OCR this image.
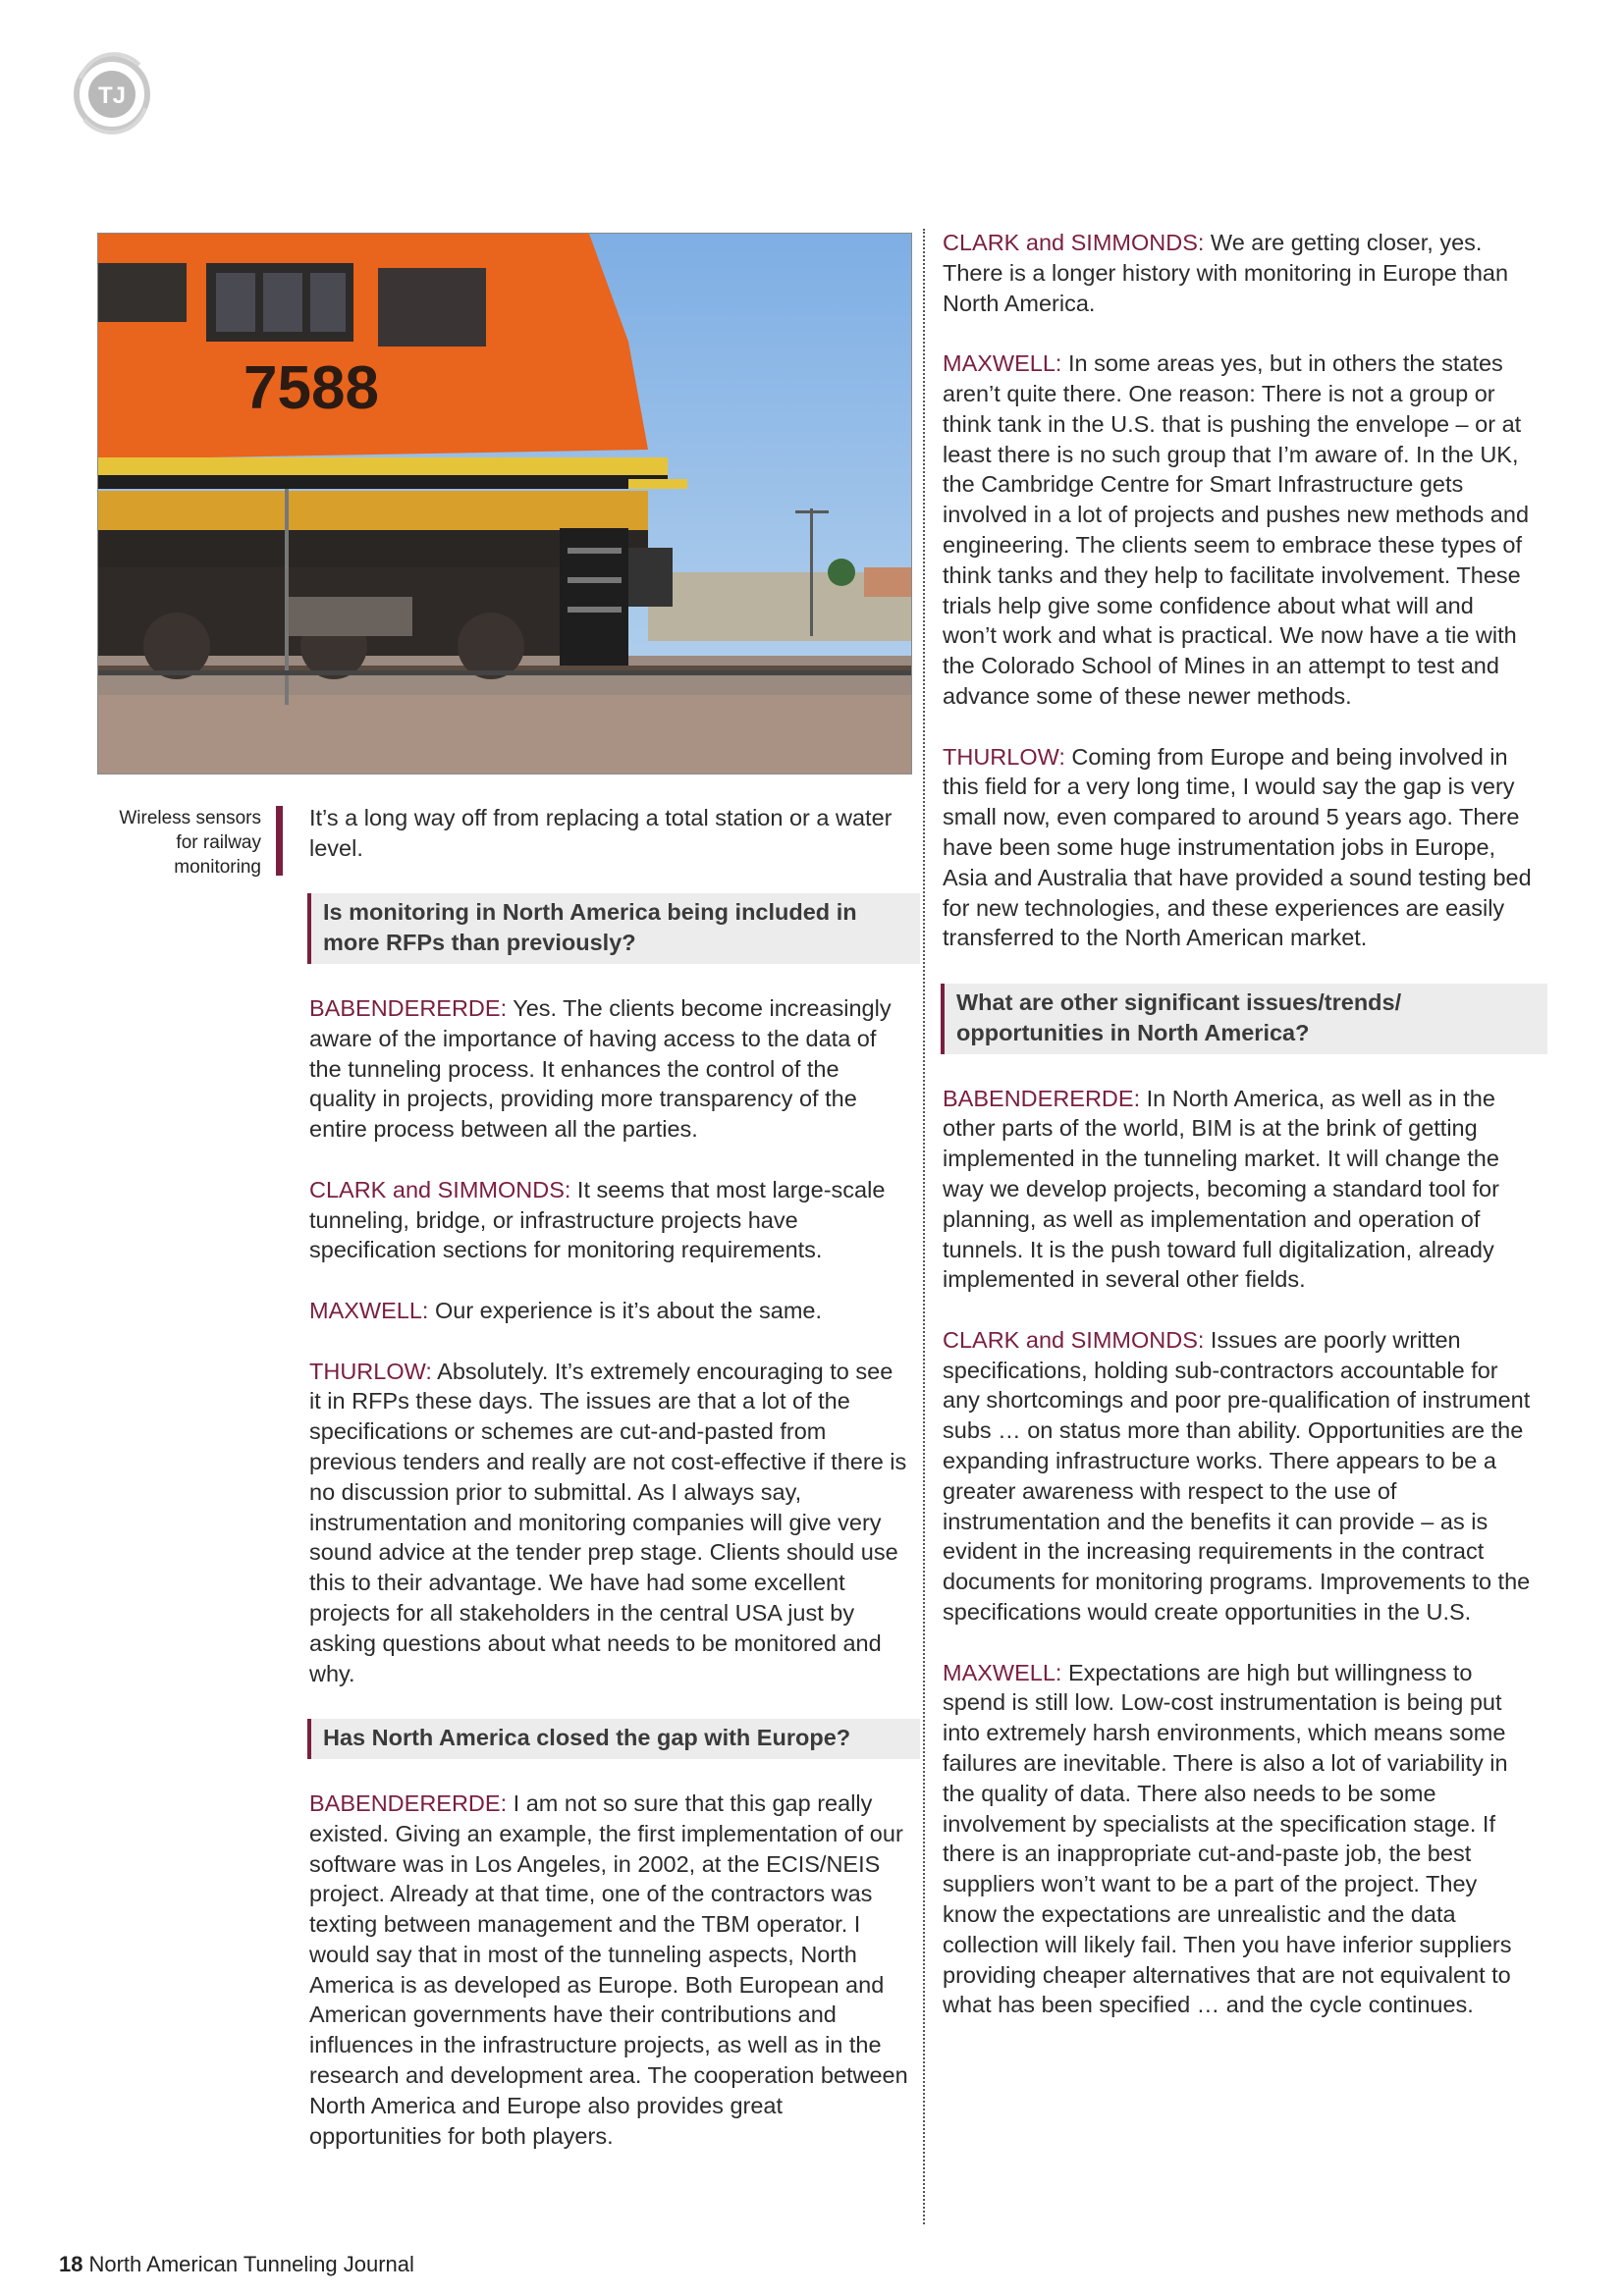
TJ
7588
Wireless sensors for railway monitoring

It’s a long way off from replacing a total station or a water level.

Is monitoring in North America being included in more RFPs than previously?

BABENDERERDE: Yes. The clients become increasingly aware of the importance of having access to the data of the tunneling process. It enhances the control of the quality in projects, providing more transparency of the entire process between all the parties.

CLARK and SIMMONDS: It seems that most large-scale tunneling, bridge, or infrastructure projects have specification sections for monitoring requirements.

MAXWELL: Our experience is it’s about the same.

THURLOW: Absolutely. It’s extremely encouraging to see it in RFPs these days. The issues are that a lot of the specifications or schemes are cut-and-pasted from previous tenders and really are not cost-effective if there is no discussion prior to submittal. As I always say, instrumentation and monitoring companies will give very sound advice at the tender prep stage. Clients should use this to their advantage. We have had some excellent projects for all stakeholders in the central USA just by asking questions about what needs to be monitored and why.

Has North America closed the gap with Europe?

BABENDERERDE: I am not so sure that this gap really existed. Giving an example, the first implementation of our software was in Los Angeles, in 2002, at the ECIS/NEIS project. Already at that time, one of the contractors was texting between management and the TBM operator. I would say that in most of the tunneling aspects, North America is as developed as Europe. Both European and American governments have their contributions and influences in the infrastructure projects, as well as in the research and development area. The cooperation between North America and Europe also provides great opportunities for both players.

CLARK and SIMMONDS: We are getting closer, yes. There is a longer history with monitoring in Europe than North America.

MAXWELL: In some areas yes, but in others the states aren’t quite there. One reason: There is not a group or think tank in the U.S. that is pushing the envelope – or at least there is no such group that I’m aware of. In the UK, the Cambridge Centre for Smart Infrastructure gets involved in a lot of projects and pushes new methods and engineering. The clients seem to embrace these types of think tanks and they help to facilitate involvement. These trials help give some confidence about what will and won’t work and what is practical. We now have a tie with the Colorado School of Mines in an attempt to test and advance some of these newer methods.

THURLOW: Coming from Europe and being involved in this field for a very long time, I would say the gap is very small now, even compared to around 5 years ago. There have been some huge instrumentation jobs in Europe, Asia and Australia that have provided a sound testing bed for new technologies, and these experiences are easily transferred to the North American market.

What are other significant issues/trends/ opportunities in North America?

BABENDERERDE: In North America, as well as in the other parts of the world, BIM is at the brink of getting implemented in the tunneling market. It will change the way we develop projects, becoming a standard tool for planning, as well as implementation and operation of tunnels. It is the push toward full digitalization, already implemented in several other fields.

CLARK and SIMMONDS: Issues are poorly written specifications, holding sub-contractors accountable for any shortcomings and poor pre-qualification of instrument subs … on status more than ability. Opportunities are the expanding infrastructure works. There appears to be a greater awareness with respect to the use of instrumentation and the benefits it can provide – as is evident in the increasing requirements in the contract documents for monitoring programs. Improvements to the specifications would create opportunities in the U.S.

MAXWELL: Expectations are high but willingness to spend is still low. Low-cost instrumentation is being put into extremely harsh environments, which means some failures are inevitable. There is also a lot of variability in the quality of data. There also needs to be some involvement by specialists at the specification stage. If there is an inappropriate cut-and-paste job, the best suppliers won’t want to be a part of the project. They know the expectations are unrealistic and the data collection will likely fail. Then you have inferior suppliers providing cheaper alternatives that are not equivalent to what has been specified … and the cycle continues.

18 North American Tunneling Journal
